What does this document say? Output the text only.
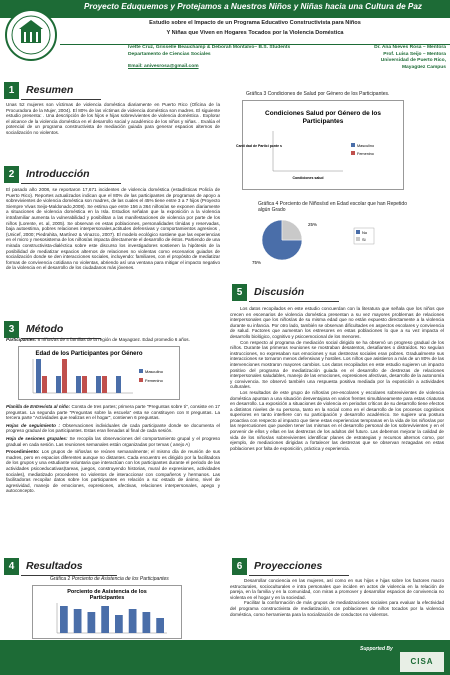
Proyecto Eduquemos y Protejamos a Nuestros Niños y Niñas hacia una Cultura de Paz
Estudio sobre el Impacto de un Programa Educativo Constructivista para Niños
Y Niñas que Viven en Hogares Tocados por la Violencia Doméstica
Ivette Cruz, Grisselle Beauchamp & Deborah Montalvo– B.S. Students
Departamento de Ciencias Sociales
Email: anivesrosa@gmail.com
Dr. Ana Nieves Rosa – Mentora
Prof. Luisa Seijo – Mentora
Universidad de Puerto Rico,
Mayagüez Campus
1	Resumen

Unas 52 mujeres son víctimas de violencia doméstica diariamente en Puerto Rico (Oficina de la Procuradora de la Mujer, 2004). El 80% de las víctimas de violencia doméstica son madres. El siguiente estudio presenta: . Una descripción de los hijos e hijas sobrevivientes de violencia doméstica . Explorar el alcance de la violencia doméstica en el desarrollo social y académico de los niños y niñas. . Evalúa el potencial de un programa constructivista de mediación guiada para generar espacios alternos de socialización no violentos.

2	Introducción

El pasado año 2008, se reportaron 17,671 incidentes de violencia doméstica (estadísticas Policía de Puerto Rico). Reportes actualizados indican que el 80% de las participantes de programas de apoyo a sobrevivientes de violencia doméstica son madres, de las cuales el 45% tiene entre 3 a 7 hijos (Proyecto Siempre Vivas Seijo-Maldonado,2008). Se estima que entre 156 a 364 niños/as se exponen diariamente a situaciones de violencia doméstica en la Isla. Estudios señalan que la exposición a la violencia intrafamiliar aumenta la vulnerabilidad y posibilitan a las manifestaciones de violencia por parte de los niños (Lorente, et. al, 2005). Se observan en estas poblaciones, personalidades tímidas y reservadas, baja autoestima, pobres relaciones interpersonales,actitudes defensivas y comportamientos agresivos , (Unicef, 2000; Piedrahita, Martínez & Vinazco, 2007). El modelo ecológico sostiene que las experiencias en el micro y mesosistema de los niños/as impacta directamente el desarrollo de éstos. Partiendo de una mirada constructivista-dialéctica sobre este discurso los investigadores sostienen la hipótesis de la posibilidad de mediatizar espacios alternos de relaciones no violentas como escenarios guiados de socialización donde se den interacciones sociales, incluyendo: familiares, con el propósito de mediatizar formas de convivencia cotidiana no violentas, abriendo así una ventana para mitigar el impacto negativo de la violencia en el desarrollo de los ciudadanos más jóvenes.

3	Método

Participantes: 8 niños/as de 4 familias de la región de Mayagüez. Edad promedio 6 años.

Edad de los Participantes por Género
Masculino
Femenino

Planilla de Entrevista al niño: Consta de tres partes; primera parte "Preguntas sobre ti", consiste en 17 preguntas. La segunda parte "Preguntas sobre la escuela" esta se constituyen con 8 preguntas. La tercera parte "Actividades que realizas en el hogar", contienen 6 preguntas.

Hojas de seguimiento : Observaciones individuales de cada participante donde se documenta el progreso gradual de los participantes. Estas eran llenadas al final de cada sesión.

Hoja de sesiones grupales: Se recopila las observaciones del comportamiento grupal y el progreso gradual en cada sesión. Las reuniones semanales están organizadas por temas ( anejo A)

Procedimiento: Los grupos de niños/as se reúnen semanalmente; el mismo día de reunión de sus madres, pero en espacios diferentes aunque no distantes. Cada encuentro es dirigido por la facilitadora de los grupos y una estudiante voluntaria que interactúan con los participantes durante el periodo de las actividades psicoeducativas(tareas, juegos, construyendo historias, mural de expresiones, actividades sociales), mediatizado procederes no violentos de interaccionar con compañeros y hermanos. Las facilitadoras recopilar datos sobre los participantes en relación a su: estado de ánimo, nivel de agresividad, manejo de emociones, expresiones, afectivas, relaciones interpersonales, apego y autoconcepto.

4	Resultados
Gráfica 2 Porciento de Asistencia de los Participantes
Porciento de Asistencia de los
Participantes
Gráfica 3 Condiciones de Salud por Género de los Participantes.
Condiciones Salud por Género de los
Participantes
Canti dad de Partici pante s
Condiciones salud
Masculino
Femenino
Gráfica 4 Porciento de Niños/sd en Edad escolar que han Repetido algún Grado
75%
25%
No
Si
5	Discusión

Los datos recopilados en este estudio concuerdan con la literatura que señala que los niños que crecen en escenarios de violencia doméstica presentan a su vez mayores problemas de relaciones interpersonales que los niños/as de su misma edad que no están expuesto directamente a la violencia durante su infancia. Por otro lado, también se observan dificultades en aspectos escolares y convivencia de salud. Factores que aumentan los estresores en estas poblaciones lo que a su vez impacta el desarrollo biológico, cognitivo y psicoemocional de los menores.

Con respecto al programa de mediación social dirigido se ha observó un progreso gradual de los niños. Durante las primeras reuniones se mostraban desatentos, desafiantes o distraídos. No seguían instrucciones, no expresaban sus emociones y sus destrezas sociales eran pobres. Gradualmente sus interacciones se tornaron menos defensivas y hostiles. Los niños que asistieron a más de un 80% de las intervenciones mostraron mayores cambios. Los datos recopilados en este estudio sugieren un impacto positivo del programa de mediatización guiada en el desarrollo de destrezas de relaciones interpersonales saludables, manejo de las emociones, expresiones afectivas, desarrollo de la autonomía y convivencia. Se observó también una respuesta positiva mediada por la exposición a actividades culturales.

Los resultados de este grupo de niños/as pre-escolares y escolares sobrevivientes de violencia doméstica apuntan a una situación desventajosa en varios frentes simultáneamente para estas criaturas en desarrollo. La exposición a situaciones de violencia en periodos críticos de su desarrollo tiene efectos a distintos niveles de su persona, tanto en la social como en el desarrollo de los procesos cognitivos superiores en tanto interfiere con su participación y desarrollo académico. Se sugiere una postura proactiva con respecto al impacto que tiene estas experiencias tempranas en la vida de los niños/as por las repercusiones que pueden tener las mismas en el desarrollo personal de los sobrevivientes y en el porvenir de ellos y ellas en las destrezas de los adultos del futuro. Las debemos mejorar la calidad de vida de los niños/as sobrevivientes identificar planes de estrategias y recursos alternos como, por ejemplo, de mediaciones dirigidas a fortalecer las destrezas que se observan rezagadas en estas poblaciones por falta de exposición, práctica y experiencia.

6	Proyecciones

Desarrollar conciencia en las mujeres, así como en sus hijos e hijas sobre los factores macro estructurales, socioculturales e intra personales que inciden en actos de violencia en la relación de pareja, en la familia y en la comunidad, con miras a promover y desarrollar espacios de convivencia no violenta en el hogar y en la sociedad.

Facilitar la conformación de más grupos de mediatizaciones sociales para evaluar la efectividad del programa constructivista de mediatización, con poblaciones de niños tocados por la violencia doméstica, como herramienta para la socialización de conductos no violentos.

Supported By
CISA
